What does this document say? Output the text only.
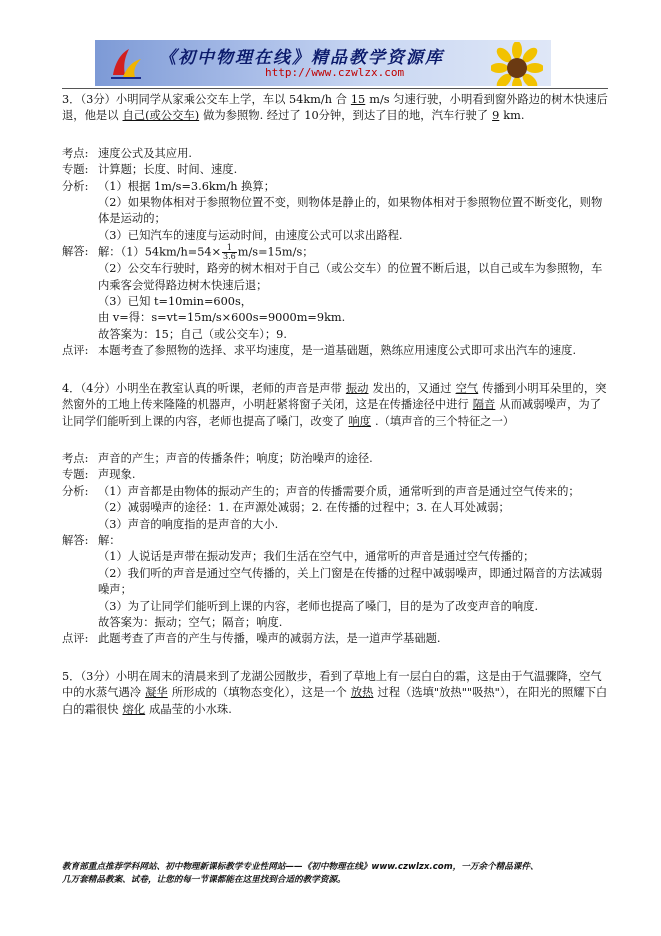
《初中物理在线》精品教学资源库
http://www.czwlzx.com

3．（3分）小明同学从家乘公交车上学，车以 54km/h 合 15 m/s 匀速行驶，小明看到窗外路边的树木快速后退，他是以 自己(或公交车) 做为参照物. 经过了 10分钟，到达了目的地，汽车行驶了 9 km.

考点: 速度公式及其应用.
专题: 计算题；长度、时间、速度.
分析: （1）根据 1m/s=3.6km/h 换算；
（2）如果物体相对于参照物位置不变，则物体是静止的，如果物体相对于参照物位置不断变化，则物体是运动的；
（3）已知汽车的速度与运动时间，由速度公式可以求出路程.
解答: 解：$(1)54km/h=54\times \frac{1}{3.6} m/s=15m/s$；
（2）公交车行驶时，路旁的树木相对于自己（或公交车）的位置不断后退，以自己或车为参照物，车内乘客会觉得路边树木快速后退；
（3）已知 t=10min=600s，
由 v=得：s=vt=15m/s×600s=9000m=9km.
故答案为：15；自己（或公交车）；9.
点评: 本题考查了参照物的选择、求平均速度，是一道基础题，熟练应用速度公式即可求出汽车的速度.

4．（4分）小明坐在教室认真的听课，老师的声音是声带 振动 发出的，又通过 空气 传播到小明耳朵里的，突然窗外的工地上传来隆隆的机器声，小明赶紧将窗子关闭，这是在传播途径中进行 隔音 从而减弱噪声，为了让同学们能听到上课的内容，老师也提高了嗓门，改变了 响度 .（填声音的三个特征之一）

考点: 声音的产生；声音的传播条件；响度；防治噪声的途径.
专题: 声现象.
分析: （1）声音都是由物体的振动产生的；声音的传播需要介质，通常听到的声音是通过空气传来的；
（2）减弱噪声的途径：1. 在声源处减弱；2. 在传播的过程中；3. 在人耳处减弱；
（3）声音的响度指的是声音的大小.
解答: 解：
（1）人说话是声带在振动发声；我们生活在空气中，通常听的声音是通过空气传播的；
（2）我们听的声音是通过空气传播的，关上门窗是在传播的过程中减弱噪声，即通过隔音的方法减弱噪声；
（3）为了让同学们能听到上课的内容，老师也提高了嗓门，目的是为了改变声音的响度.
故答案为：振动；空气；隔音；响度.
点评: 此题考查了声音的产生与传播，噪声的减弱方法，是一道声学基础题.

5．（3分）小明在周末的清晨来到了龙湖公园散步，看到了草地上有一层白白的霜，这是由于气温骤降，空气中的水蒸气遇冷 凝华 所形成的（填物态变化），这是一个 放热 过程（选填"放热""吸热"），在阳光的照耀下白白的霜很快 熔化 成晶莹的小水珠.

教育部重点推荐学科网站、初中物理新课标教学专业性网站——《初中物理在线》www.czwlzx.com，一万余个精品课件、
几万套精品教案、试卷，让您的每一节课都能在这里找到合适的教学资源。
